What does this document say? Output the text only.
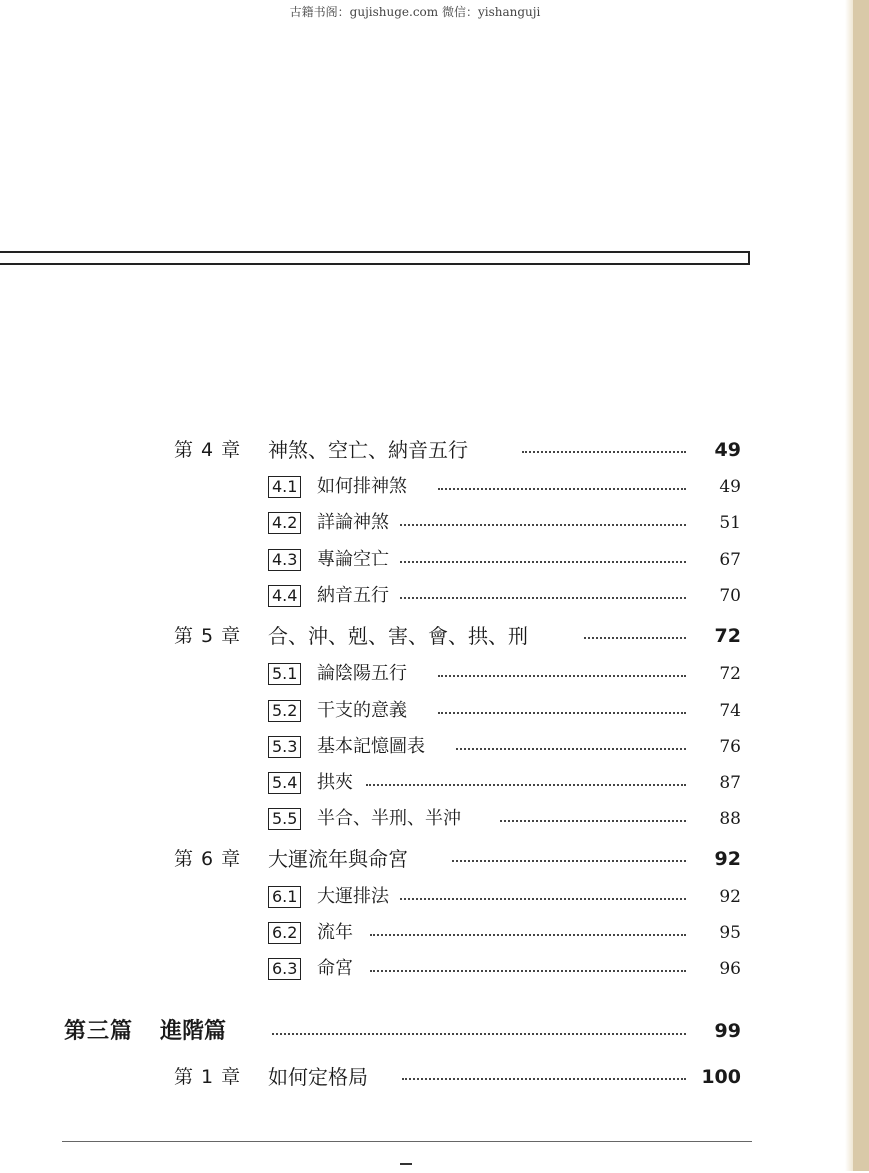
古籍书阁：gujishuge.com 微信：yishanguji
第 4 章 神煞、空亡、納音五行	49
4.1 如何排神煞	49
4.2 詳論神煞	51
4.3 專論空亡	67
4.4 納音五行	70
第 5 章 合、沖、剋、害、會、拱、刑	72
5.1 論陰陽五行	72
5.2 干支的意義	74
5.3 基本記憶圖表	76
5.4 拱夾	87
5.5 半合、半刑、半沖	88
第 6 章 大運流年與命宮	92
6.1 大運排法	92
6.2 流年	95
6.3 命宮	96
第三篇 進階篇	99
第 1 章 如何定格局	100
